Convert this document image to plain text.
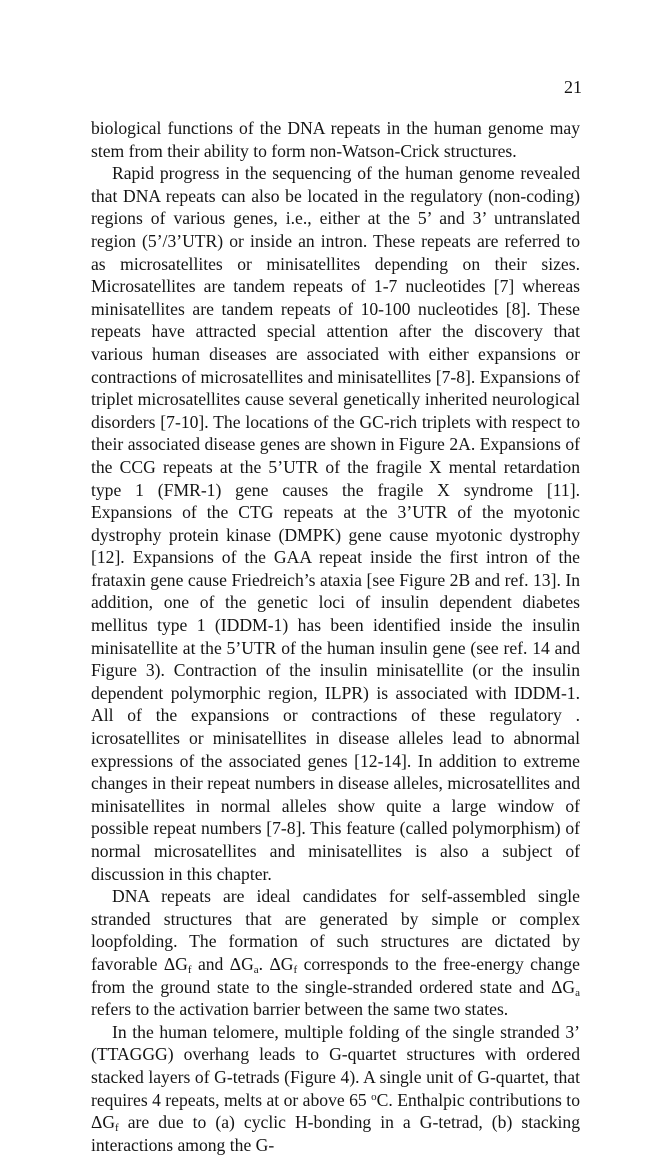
21

biological functions of the DNA repeats in the human genome may stem from their ability to form non-Watson-Crick structures.

Rapid progress in the sequencing of the human genome revealed that DNA repeats can also be located in the regulatory (non-coding) regions of various genes, i.e., either at the 5’ and 3’ untranslated region (5’/3’UTR) or inside an intron. These repeats are referred to as microsatellites or minisatellites depending on their sizes. Microsatellites are tandem repeats of 1-7 nucleotides [7] whereas minisatellites are tandem repeats of 10-100 nucleotides [8]. These repeats have attracted special attention after the discovery that various human diseases are associated with either expansions or contractions of microsatellites and minisatellites [7-8]. Expansions of triplet microsatellites cause several genetically inherited neurological disorders [7-10]. The locations of the GC-rich triplets with respect to their associated disease genes are shown in Figure 2A. Expansions of the CCG repeats at the 5’UTR of the fragile X mental retardation type 1 (FMR-1) gene causes the fragile X syndrome [11]. Expansions of the CTG repeats at the 3’UTR of the myotonic dystrophy protein kinase (DMPK) gene cause myotonic dystrophy [12]. Expansions of the GAA repeat inside the first intron of the frataxin gene cause Friedreich’s ataxia [see Figure 2B and ref. 13]. In addition, one of the genetic loci of insulin dependent diabetes mellitus type 1 (IDDM-1) has been identified inside the insulin minisatellite at the 5’UTR of the human insulin gene (see ref. 14 and Figure 3). Contraction of the insulin minisatellite (or the insulin dependent polymorphic region, ILPR) is associated with IDDM-1. All of the expansions or contractions of these regulatory . icrosatellites or minisatellites in disease alleles lead to abnormal expressions of the associated genes [12-14]. In addition to extreme changes in their repeat numbers in disease alleles, microsatellites and minisatellites in normal alleles show quite a large window of possible repeat numbers [7-8]. This feature (called polymorphism) of normal microsatellites and minisatellites is also a subject of discussion in this chapter.

DNA repeats are ideal candidates for self-assembled single stranded structures that are generated by simple or complex loopfolding. The formation of such structures are dictated by favorable $\Delta G_f$ and $\Delta G_a$. $\Delta G_f$ corresponds to the free-energy change from the ground state to the single-stranded ordered state and $\Delta G_a$ refers to the activation barrier between the same two states.

In the human telomere, multiple folding of the single stranded 3’ (TTAGGG) overhang leads to G-quartet structures with ordered stacked layers of G-tetrads (Figure 4). A single unit of G-quartet, that requires 4 repeats, melts at or above 65 $^o$C. Enthalpic contributions to $\Delta G_f$ are due to (a) cyclic H-bonding in a G-tetrad, (b) stacking interactions among the G-
